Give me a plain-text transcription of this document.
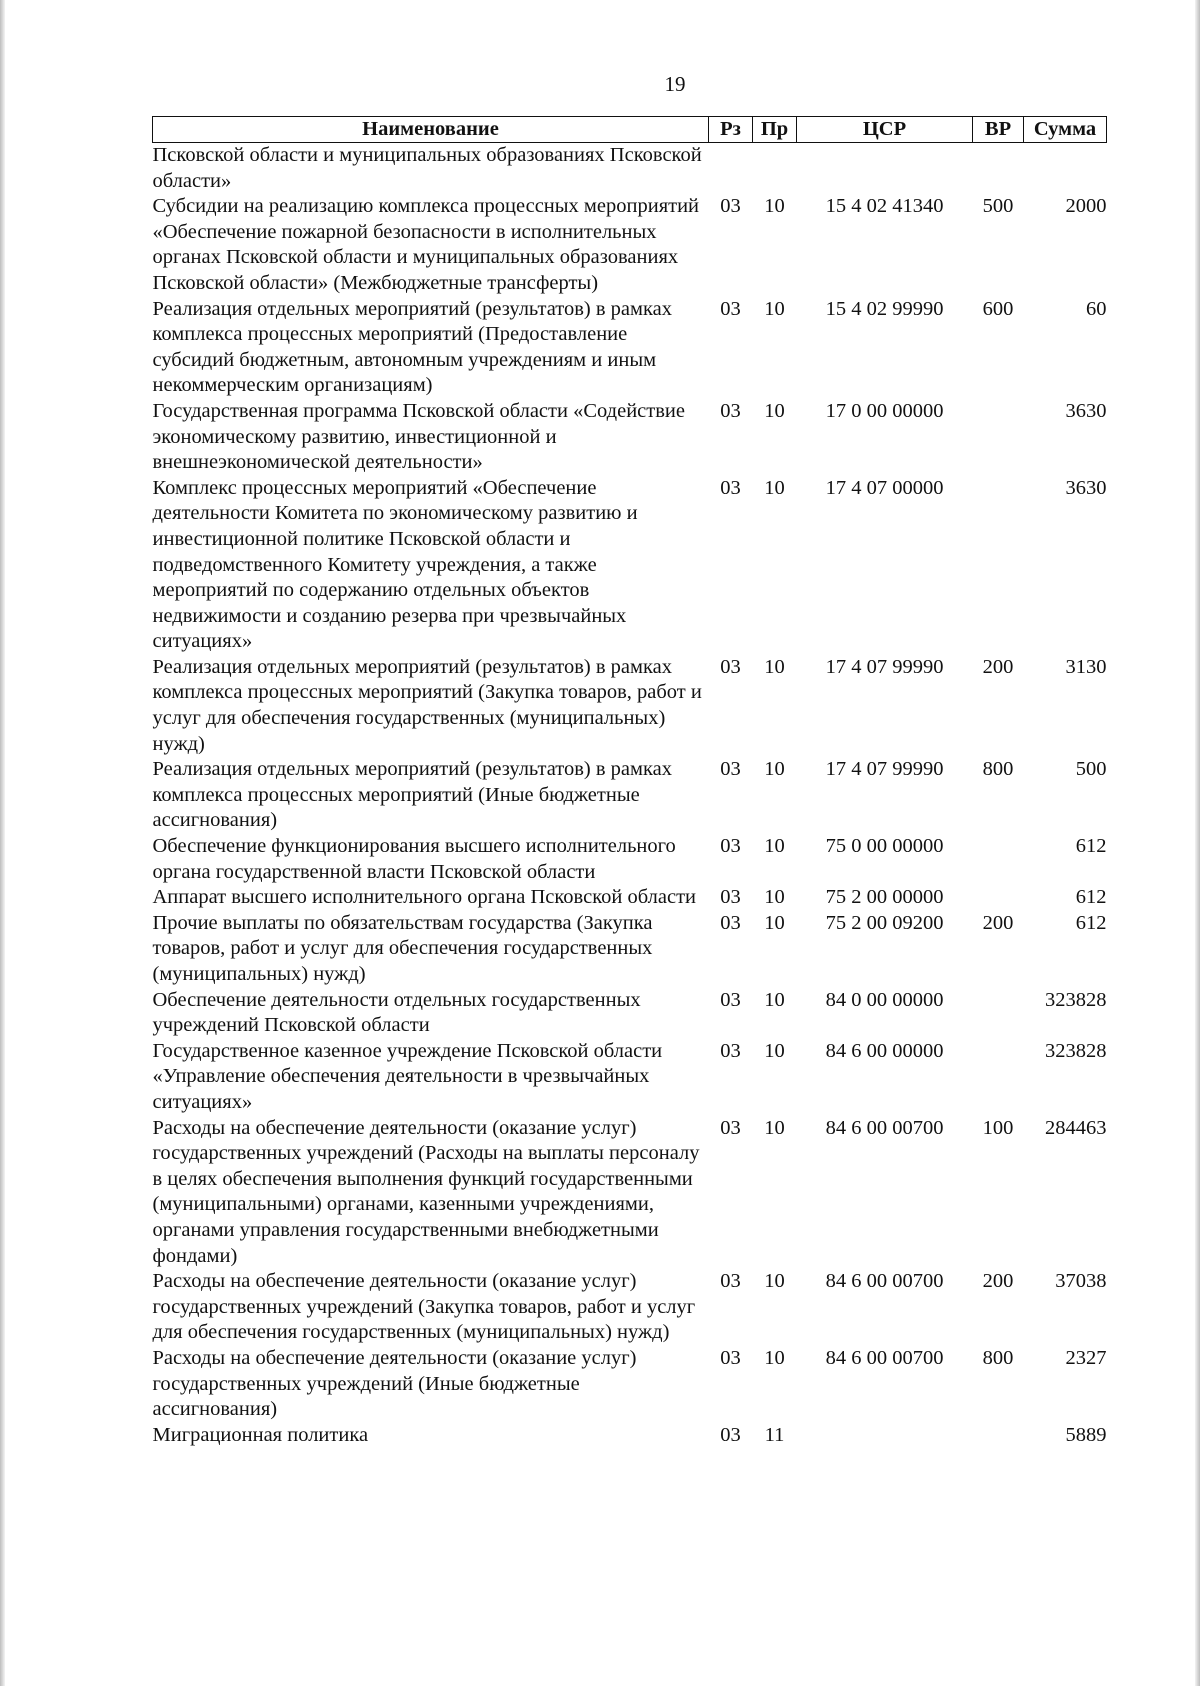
19
Наименование	Рз	Пр	ЦСР	ВР	Сумма
Псковской области и муниципальных образованиях Псковской области»					
Субсидии на реализацию комплекса процессных мероприятий «Обеспечение пожарной безопасности в исполнительных органах Псковской области и муниципальных образованиях Псковской области» (Межбюджетные трансферты)	03	10	15 4 02 41340	500	2000
Реализация отдельных мероприятий (результатов) в рамках комплекса процессных мероприятий (Предоставление субсидий бюджетным, автономным учреждениям и иным некоммерческим организациям)	03	10	15 4 02 99990	600	60
Государственная программа Псковской области «Содействие экономическому развитию, инвестиционной и внешнеэкономической деятельности»	03	10	17 0 00 00000		3630
Комплекс процессных мероприятий «Обеспечение деятельности Комитета по экономическому развитию и инвестиционной политике Псковской области и подведомственного Комитету учреждения, а также мероприятий по содержанию отдельных объектов недвижимости и созданию резерва при чрезвычайных ситуациях»	03	10	17 4 07 00000		3630
Реализация отдельных мероприятий (результатов) в рамках комплекса процессных мероприятий (Закупка товаров, работ и услуг для обеспечения государственных (муниципальных) нужд)	03	10	17 4 07 99990	200	3130
Реализация отдельных мероприятий (результатов) в рамках комплекса процессных мероприятий (Иные бюджетные ассигнования)	03	10	17 4 07 99990	800	500
Обеспечение функционирования высшего исполнительного органа государственной власти Псковской области	03	10	75 0 00 00000		612
Аппарат высшего исполнительного органа Псковской области	03	10	75 2 00 00000		612
Прочие выплаты по обязательствам государства (Закупка товаров, работ и услуг для обеспечения государственных (муниципальных) нужд)	03	10	75 2 00 09200	200	612
Обеспечение деятельности отдельных государственных учреждений Псковской области	03	10	84 0 00 00000		323828
Государственное казенное учреждение Псковской области «Управление обеспечения деятельности в чрезвычайных ситуациях»	03	10	84 6 00 00000		323828
Расходы на обеспечение деятельности (оказание услуг) государственных учреждений (Расходы на выплаты персоналу в целях обеспечения выполнения функций государственными (муниципальными) органами, казенными учреждениями, органами управления государственными внебюджетными фондами)	03	10	84 6 00 00700	100	284463
Расходы на обеспечение деятельности (оказание услуг) государственных учреждений (Закупка товаров, работ и услуг для обеспечения государственных (муниципальных) нужд)	03	10	84 6 00 00700	200	37038
Расходы на обеспечение деятельности (оказание услуг) государственных учреждений (Иные бюджетные ассигнования)	03	10	84 6 00 00700	800	2327
Миграционная политика	03	11			5889
